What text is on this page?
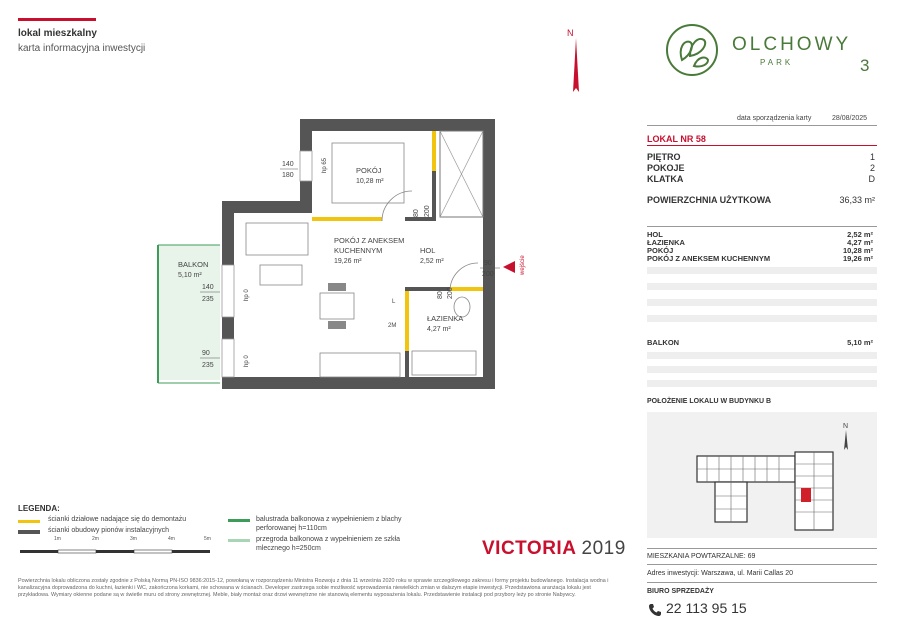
lokal mieszkalny
karta informacyjna inwestycji
N
OLCHOWY
PARK	3
data sporządzenia karty	28/08/2025
LOKAL NR 58
PIĘTRO	1
POKOJE	2
KLATKA	D
POWIERZCHNIA UŻYTKOWA	36,33 m²
HOL	2,52 m²
ŁAZIENKA	4,27 m²
POKÓJ	10,28 m²
POKÓJ Z ANEKSEM KUCHENNYM	19,26 m²
BALKON	5,10 m²
POŁOŻENIE LOKALU W BUDYNKU B
N
MIESZKANIA POWTARZALNE: 69
Adres inwestycji: Warszawa, ul. Marii Callas 20
BIURO SPRZEDAŻY
22 113 95 15
wejście
POKÓJ
10,28 m²
POKÓJ Z ANEKSEM
KUCHENNYM
19,26 m²
HOL
2,52 m²
ŁAZIENKA
4,27 m²
BALKON
5,10 m²
140
180
hp 65
80 200
90
200
80 200
140
235	hp 0
90
235	hp 0
L
2M
LEGENDA:
ścianki działowe nadające się do demontażu
ścianki obudowy pionów instalacyjnych
balustrada balkonowa z wypełnieniem z blachy perforowanej h=110cm
przegroda balkonowa z wypełnieniem ze szkła mlecznego h=250cm
1m	2m	3m	4m	5m	VICTORIA 2019
Powierzchnia lokalu obliczona zostały zgodnie z Polską Normą PN-ISO 9836:2015-12, powołaną w rozporządzeniu Ministra Rozwoju z dnia 11 września 2020 roku w sprawie szczegółowego zakresu i formy projektu budowlanego. Instalacja wodna i kanalizacyjna doprowadzona do kuchni, łazienki i WC, zakończona korkami, nie schowana w ścianach. Developer zastrzega sobie możliwość wprowadzenia niewielkich zmian w dalszym etapie inwestycji. Przedstawiona aranżacja lokalu jest przykładowa. Wymiary okienne podane są w świetle muru od strony zewnętrznej. Meble, biały montaż oraz drzwi wewnętrzne nie stanowią elementu wyposażenia lokalu. Przedstawienie instalacji pod przybory leży po stronie Nabywcy.
